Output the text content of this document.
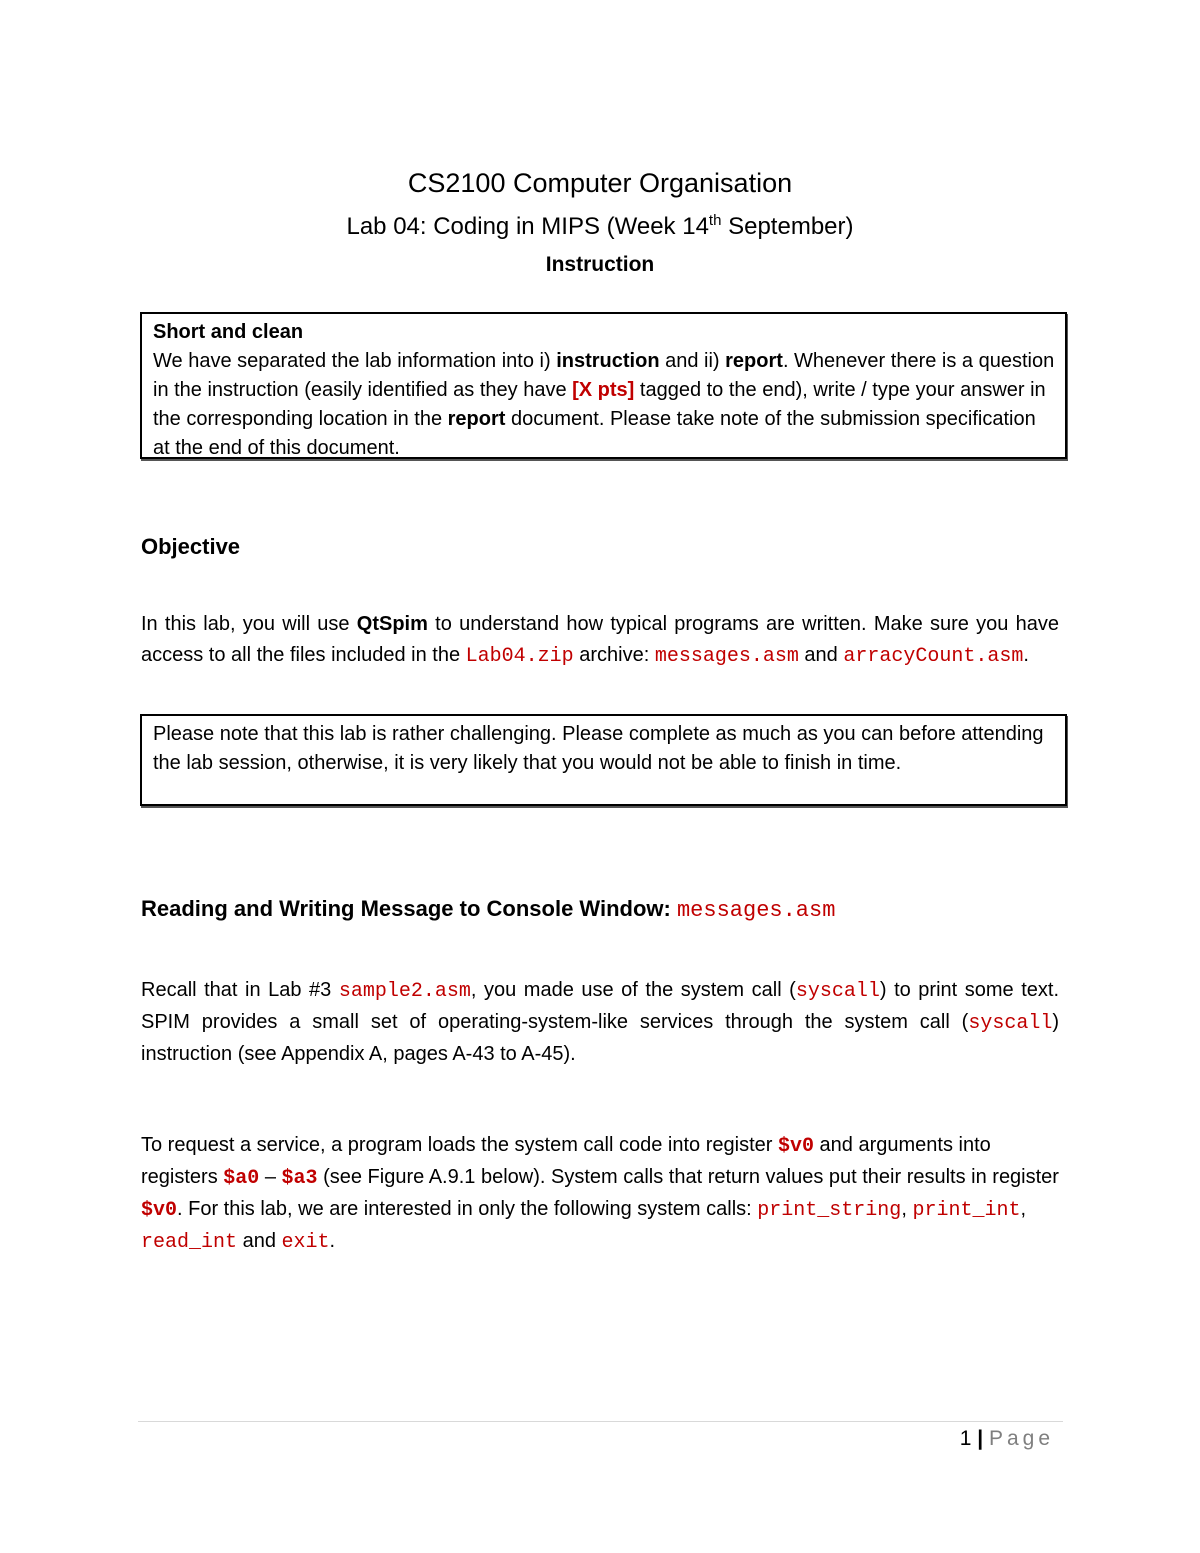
CS2100 Computer Organisation
Lab 04: Coding in MIPS (Week 14th September)
Instruction
Short and clean
We have separated the lab information into i) instruction and ii) report. Whenever there is a question in the instruction (easily identified as they have [X pts] tagged to the end), write / type your answer in the corresponding location in the report document. Please take note of the submission specification at the end of this document.
Objective
In this lab, you will use QtSpim to understand how typical programs are written. Make sure you have access to all the files included in the Lab04.zip archive: messages.asm and arracyCount.asm.
Please note that this lab is rather challenging. Please complete as much as you can before attending the lab session, otherwise, it is very likely that you would not be able to finish in time.
Reading and Writing Message to Console Window: messages.asm
Recall that in Lab #3 sample2.asm, you made use of the system call (syscall) to print some text. SPIM provides a small set of operating-system-like services through the system call (syscall) instruction (see Appendix A, pages A-43 to A-45).
To request a service, a program loads the system call code into register $v0 and arguments into registers $a0 – $a3 (see Figure A.9.1 below). System calls that return values put their results in register $v0. For this lab, we are interested in only the following system calls: print_string, print_int, read_int and exit.
1 | Page
